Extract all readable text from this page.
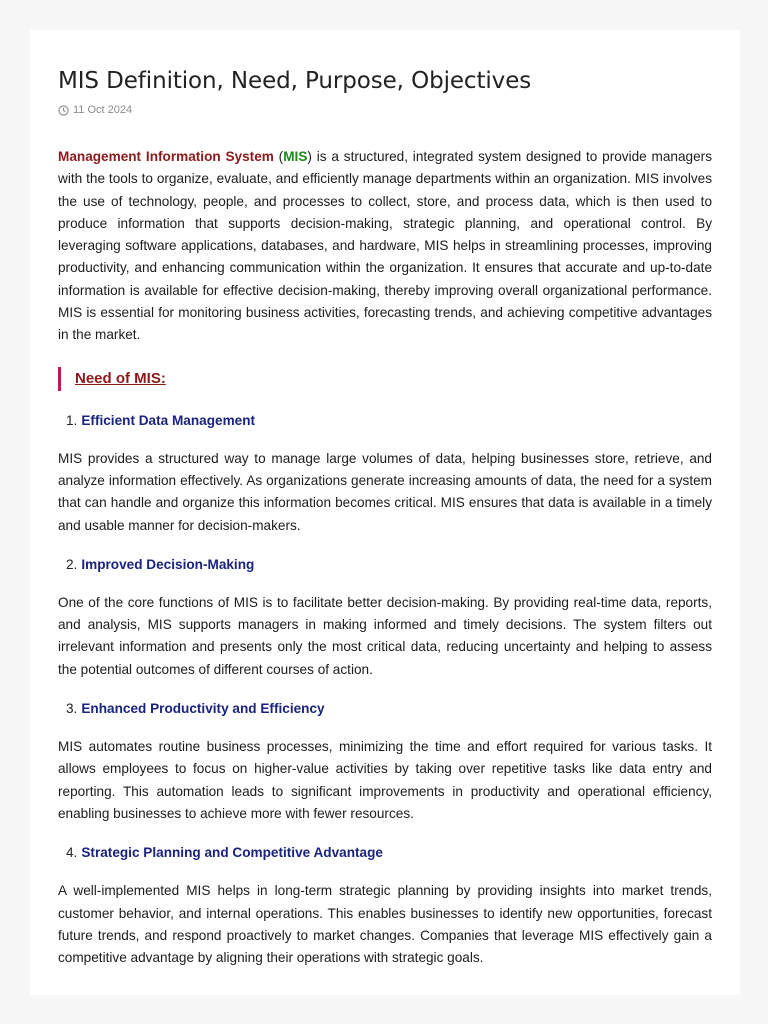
MIS Definition, Need, Purpose, Objectives
11 Oct 2024

Management Information System (MIS) is a structured, integrated system designed to provide managers with the tools to organize, evaluate, and efficiently manage departments within an organization. MIS involves the use of technology, people, and processes to collect, store, and process data, which is then used to produce information that supports decision-making, strategic planning, and operational control. By leveraging software applications, databases, and hardware, MIS helps in streamlining processes, improving productivity, and enhancing communication within the organization. It ensures that accurate and up-to-date information is available for effective decision-making, thereby improving overall organizational performance. MIS is essential for monitoring business activities, forecasting trends, and achieving competitive advantages in the market.

Need of MIS:
1. Efficient Data Management

MIS provides a structured way to manage large volumes of data, helping businesses store, retrieve, and analyze information effectively. As organizations generate increasing amounts of data, the need for a system that can handle and organize this information becomes critical. MIS ensures that data is available in a timely and usable manner for decision-makers.

2. Improved Decision-Making

One of the core functions of MIS is to facilitate better decision-making. By providing real-time data, reports, and analysis, MIS supports managers in making informed and timely decisions. The system filters out irrelevant information and presents only the most critical data, reducing uncertainty and helping to assess the potential outcomes of different courses of action.

3. Enhanced Productivity and Efficiency

MIS automates routine business processes, minimizing the time and effort required for various tasks. It allows employees to focus on higher-value activities by taking over repetitive tasks like data entry and reporting. This automation leads to significant improvements in productivity and operational efficiency, enabling businesses to achieve more with fewer resources.

4. Strategic Planning and Competitive Advantage

A well-implemented MIS helps in long-term strategic planning by providing insights into market trends, customer behavior, and internal operations. This enables businesses to identify new opportunities, forecast future trends, and respond proactively to market changes. Companies that leverage MIS effectively gain a competitive advantage by aligning their operations with strategic goals.
